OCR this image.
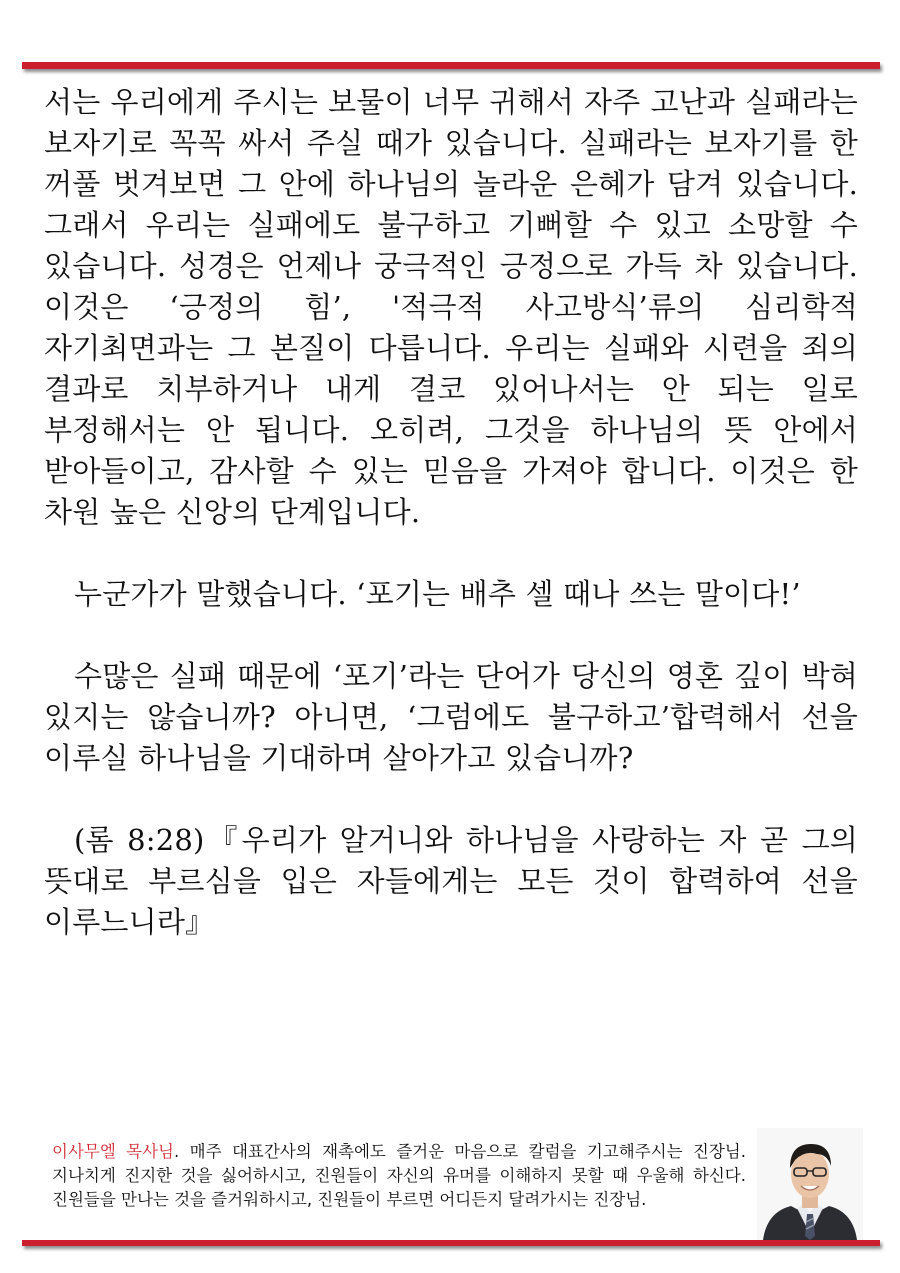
서는 우리에게 주시는 보물이 너무 귀해서 자주 고난과 실패라는 보자기로 꼭꼭 싸서 주실 때가 있습니다. 실패라는 보자기를 한 꺼풀 벗겨보면 그 안에 하나님의 놀라운 은혜가 담겨 있습니다. 그래서 우리는 실패에도 불구하고 기뻐할 수 있고 소망할 수 있습니다. 성경은 언제나 궁극적인 긍정으로 가득 차 있습니다. 이것은 ‘긍정의 힘’, '적극적 사고방식’류의 심리학적 자기최면과는 그 본질이 다릅니다. 우리는 실패와 시련을 죄의 결과로 치부하거나 내게 결코 있어나서는 안 되는 일로 부정해서는 안 됩니다. 오히려, 그것을 하나님의 뜻 안에서 받아들이고, 감사할 수 있는 믿음을 가져야 합니다. 이것은 한 차원 높은 신앙의 단계입니다.

누군가가 말했습니다. ‘포기는 배추 셀 때나 쓰는 말이다!’

수많은 실패 때문에 ‘포기’라는 단어가 당신의 영혼 깊이 박혀 있지는 않습니까? 아니면, ‘그럼에도 불구하고’합력해서 선을 이루실 하나님을 기대하며 살아가고 있습니까?

(롬 8:28)『우리가 알거니와 하나님을 사랑하는 자 곧 그의 뜻대로 부르심을 입은 자들에게는 모든 것이 합력하여 선을 이루느니라』

이사무엘 목사님. 매주 대표간사의 재촉에도 즐거운 마음으로 칼럼을 기고해주시는 진장님. 지나치게 진지한 것을 싫어하시고, 진원들이 자신의 유머를 이해하지 못할 때 우울해 하신다. 진원들을 만나는 것을 즐거워하시고, 진원들이 부르면 어디든지 달려가시는 진장님.
